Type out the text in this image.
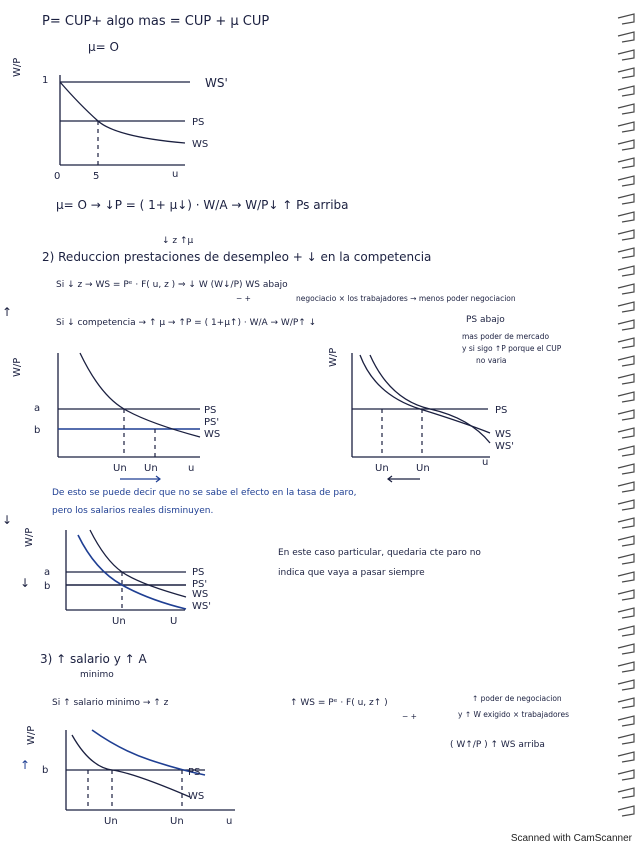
P= CUP+ algo mas = CUP + μ CUP
μ= O
W/P
1	WS'
PS
WS
0	5	u
μ= O → ↓P = ( 1+ μ↓) · W/A → W/P↓ ↑ Ps arriba
↓ z ↑μ
2) Reduccion prestaciones de desempleo + ↓ en la competencia
Si ↓ z → WS = Pᵉ · F( u, z ) ⇒ ↓ W (W↓/P) WS abajo
− +	negociacio × los trabajadores → menos poder negociacion
↑
Si ↓ competencia → ↑ μ → ↑P = ( 1+μ↑) · W/A → W/P↑ ↓	PS abajo
mas poder de mercado
y si sigo ↑P porque el CUP
no varia
W/P
a
b
PS
PS'
WS
Un Un	u
W/P
PS
WS
WS'
Un	Un
u
De esto se puede decir que no se sabe el efecto en la tasa de paro,
pero los salarios reales disminuyen.
↓
W/P
a
b
↓
PS
PS'
WS
WS'
Un	U U
En este caso particular, quedaria cte paro no
indica que vaya a pasar siempre
3) ↑ salario y ↑ A
minimo
Si ↑ salario minimo → ↑ z	↑ WS = Pᵉ · F( u, z↑ )
− +
↑ poder de negociacion
y ↑ W exigido × trabajadores
( W↑/P ) ↑ WS arriba
W/P
↑ b	PS
WS
Un	Un	u
Scanned with CamScanner
